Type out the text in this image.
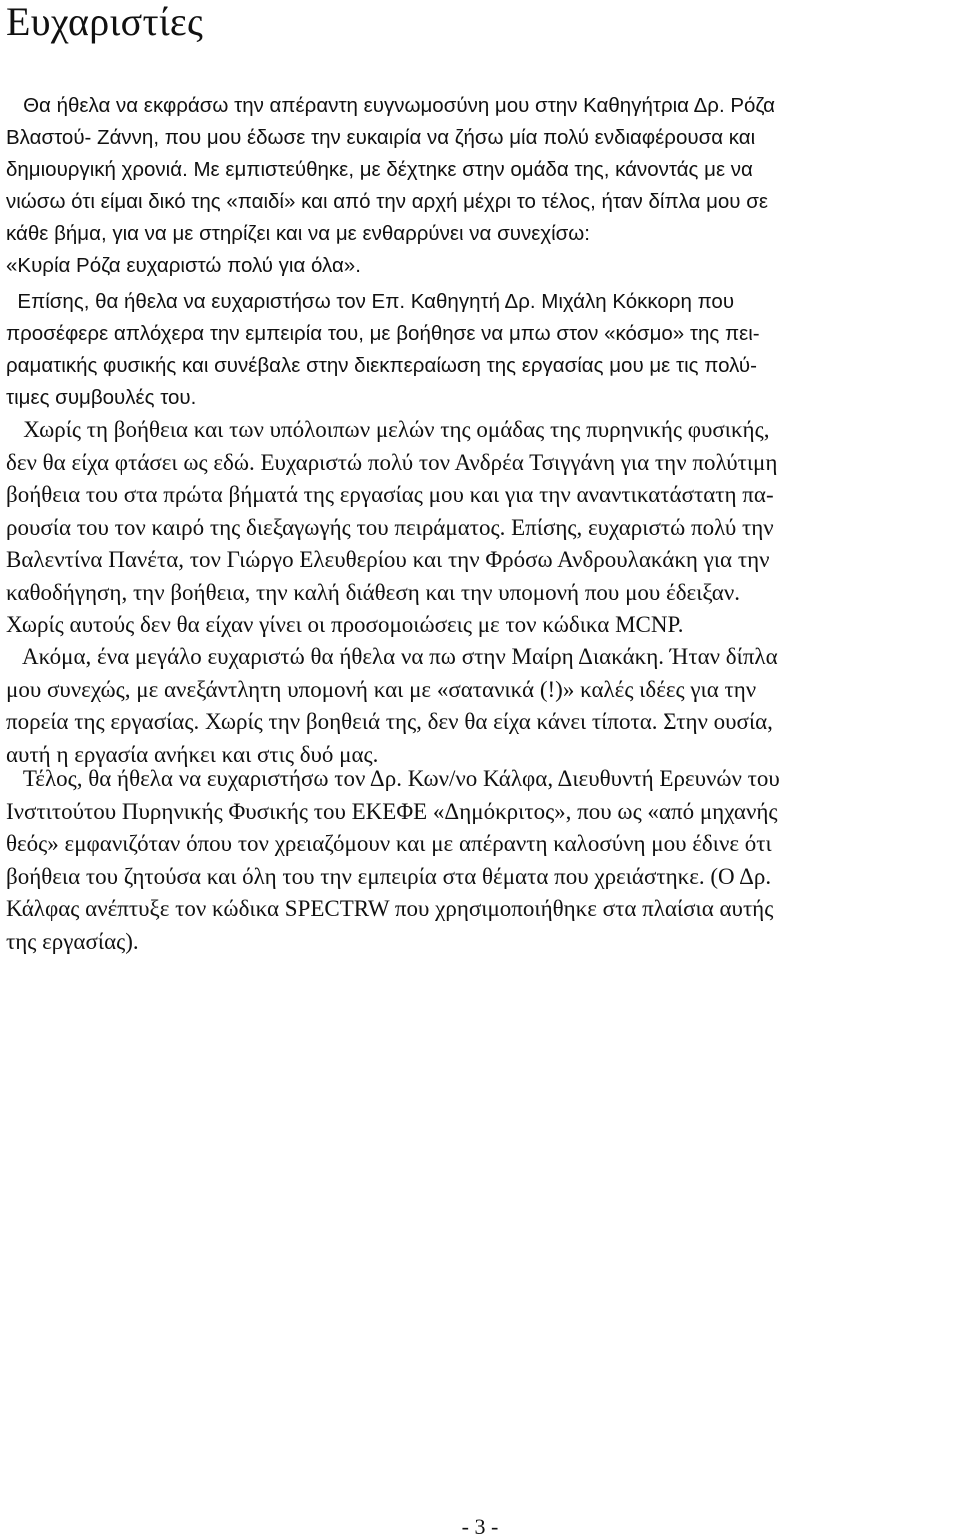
Ευχαριστίες
Θα ήθελα να εκφράσω την απέραντη ευγνωμοσύνη μου στην Καθηγήτρια Δρ. Ρόζα
Βλαστού- Ζάννη, που μου έδωσε την ευκαιρία να ζήσω μία πολύ ενδιαφέρουσα και
δημιουργική χρονιά. Με εμπιστεύθηκε, με δέχτηκε στην ομάδα της, κάνοντάς με να
νιώσω ότι είμαι δικό της «παιδί» και από την αρχή μέχρι το τέλος, ήταν δίπλα μου σε
κάθε βήμα, για να με στηρίζει και να με ενθαρρύνει να συνεχίσω:
«Κυρία Ρόζα ευχαριστώ πολύ για όλα».
Επίσης, θα ήθελα να ευχαριστήσω τον Επ. Καθηγητή Δρ. Μιχάλη Κόκκορη που
προσέφερε απλόχερα την εμπειρία του, με βοήθησε να μπω στον «κόσμο» της πει-
ραματικής φυσικής και συνέβαλε στην διεκπεραίωση της εργασίας μου με τις πολύ-
τιμες συμβουλές του.
Χωρίς τη βοήθεια και των υπόλοιπων μελών της ομάδας της πυρηνικής φυσικής,
δεν θα είχα φτάσει ως εδώ. Ευχαριστώ πολύ τον Ανδρέα Τσιγγάνη για την πολύτιμη
βοήθεια του στα πρώτα βήματά της εργασίας μου και για την αναντικατάστατη πα-
ρουσία του τον καιρό της διεξαγωγής του πειράματος. Επίσης, ευχαριστώ πολύ την
Βαλεντίνα Πανέτα, τον Γιώργο Ελευθερίου και την Φρόσω Ανδρουλακάκη για την
καθοδήγηση, την βοήθεια, την καλή διάθεση και την υπομονή που μου έδειξαν.
Χωρίς αυτούς δεν θα είχαν γίνει οι προσομοιώσεις με τον κώδικα MCNP.
Ακόμα, ένα μεγάλο ευχαριστώ θα ήθελα να πω στην Μαίρη Διακάκη. Ήταν δίπλα
μου συνεχώς, με ανεξάντλητη υπομονή και με «σατανικά (!)» καλές ιδέες για την
πορεία της εργασίας. Χωρίς την βοηθειά της, δεν θα είχα κάνει τίποτα. Στην ουσία,
αυτή η εργασία ανήκει και στις δυό μας.
Τέλος, θα ήθελα να ευχαριστήσω τον Δρ. Κων/νο Κάλφα, Διευθυντή Ερευνών του
Ινστιτούτου Πυρηνικής Φυσικής του ΕΚΕΦΕ «Δημόκριτος», που ως «από μηχανής
θεός» εμφανιζόταν όπου τον χρειαζόμουν και με απέραντη καλοσύνη μου έδινε ότι
βοήθεια του ζητούσα και όλη του την εμπειρία στα θέματα που χρειάστηκε. (Ο Δρ.
Κάλφας ανέπτυξε τον κώδικα SPECTRW που χρησιμοποιήθηκε στα πλαίσια αυτής
της εργασίας).
- 3 -
